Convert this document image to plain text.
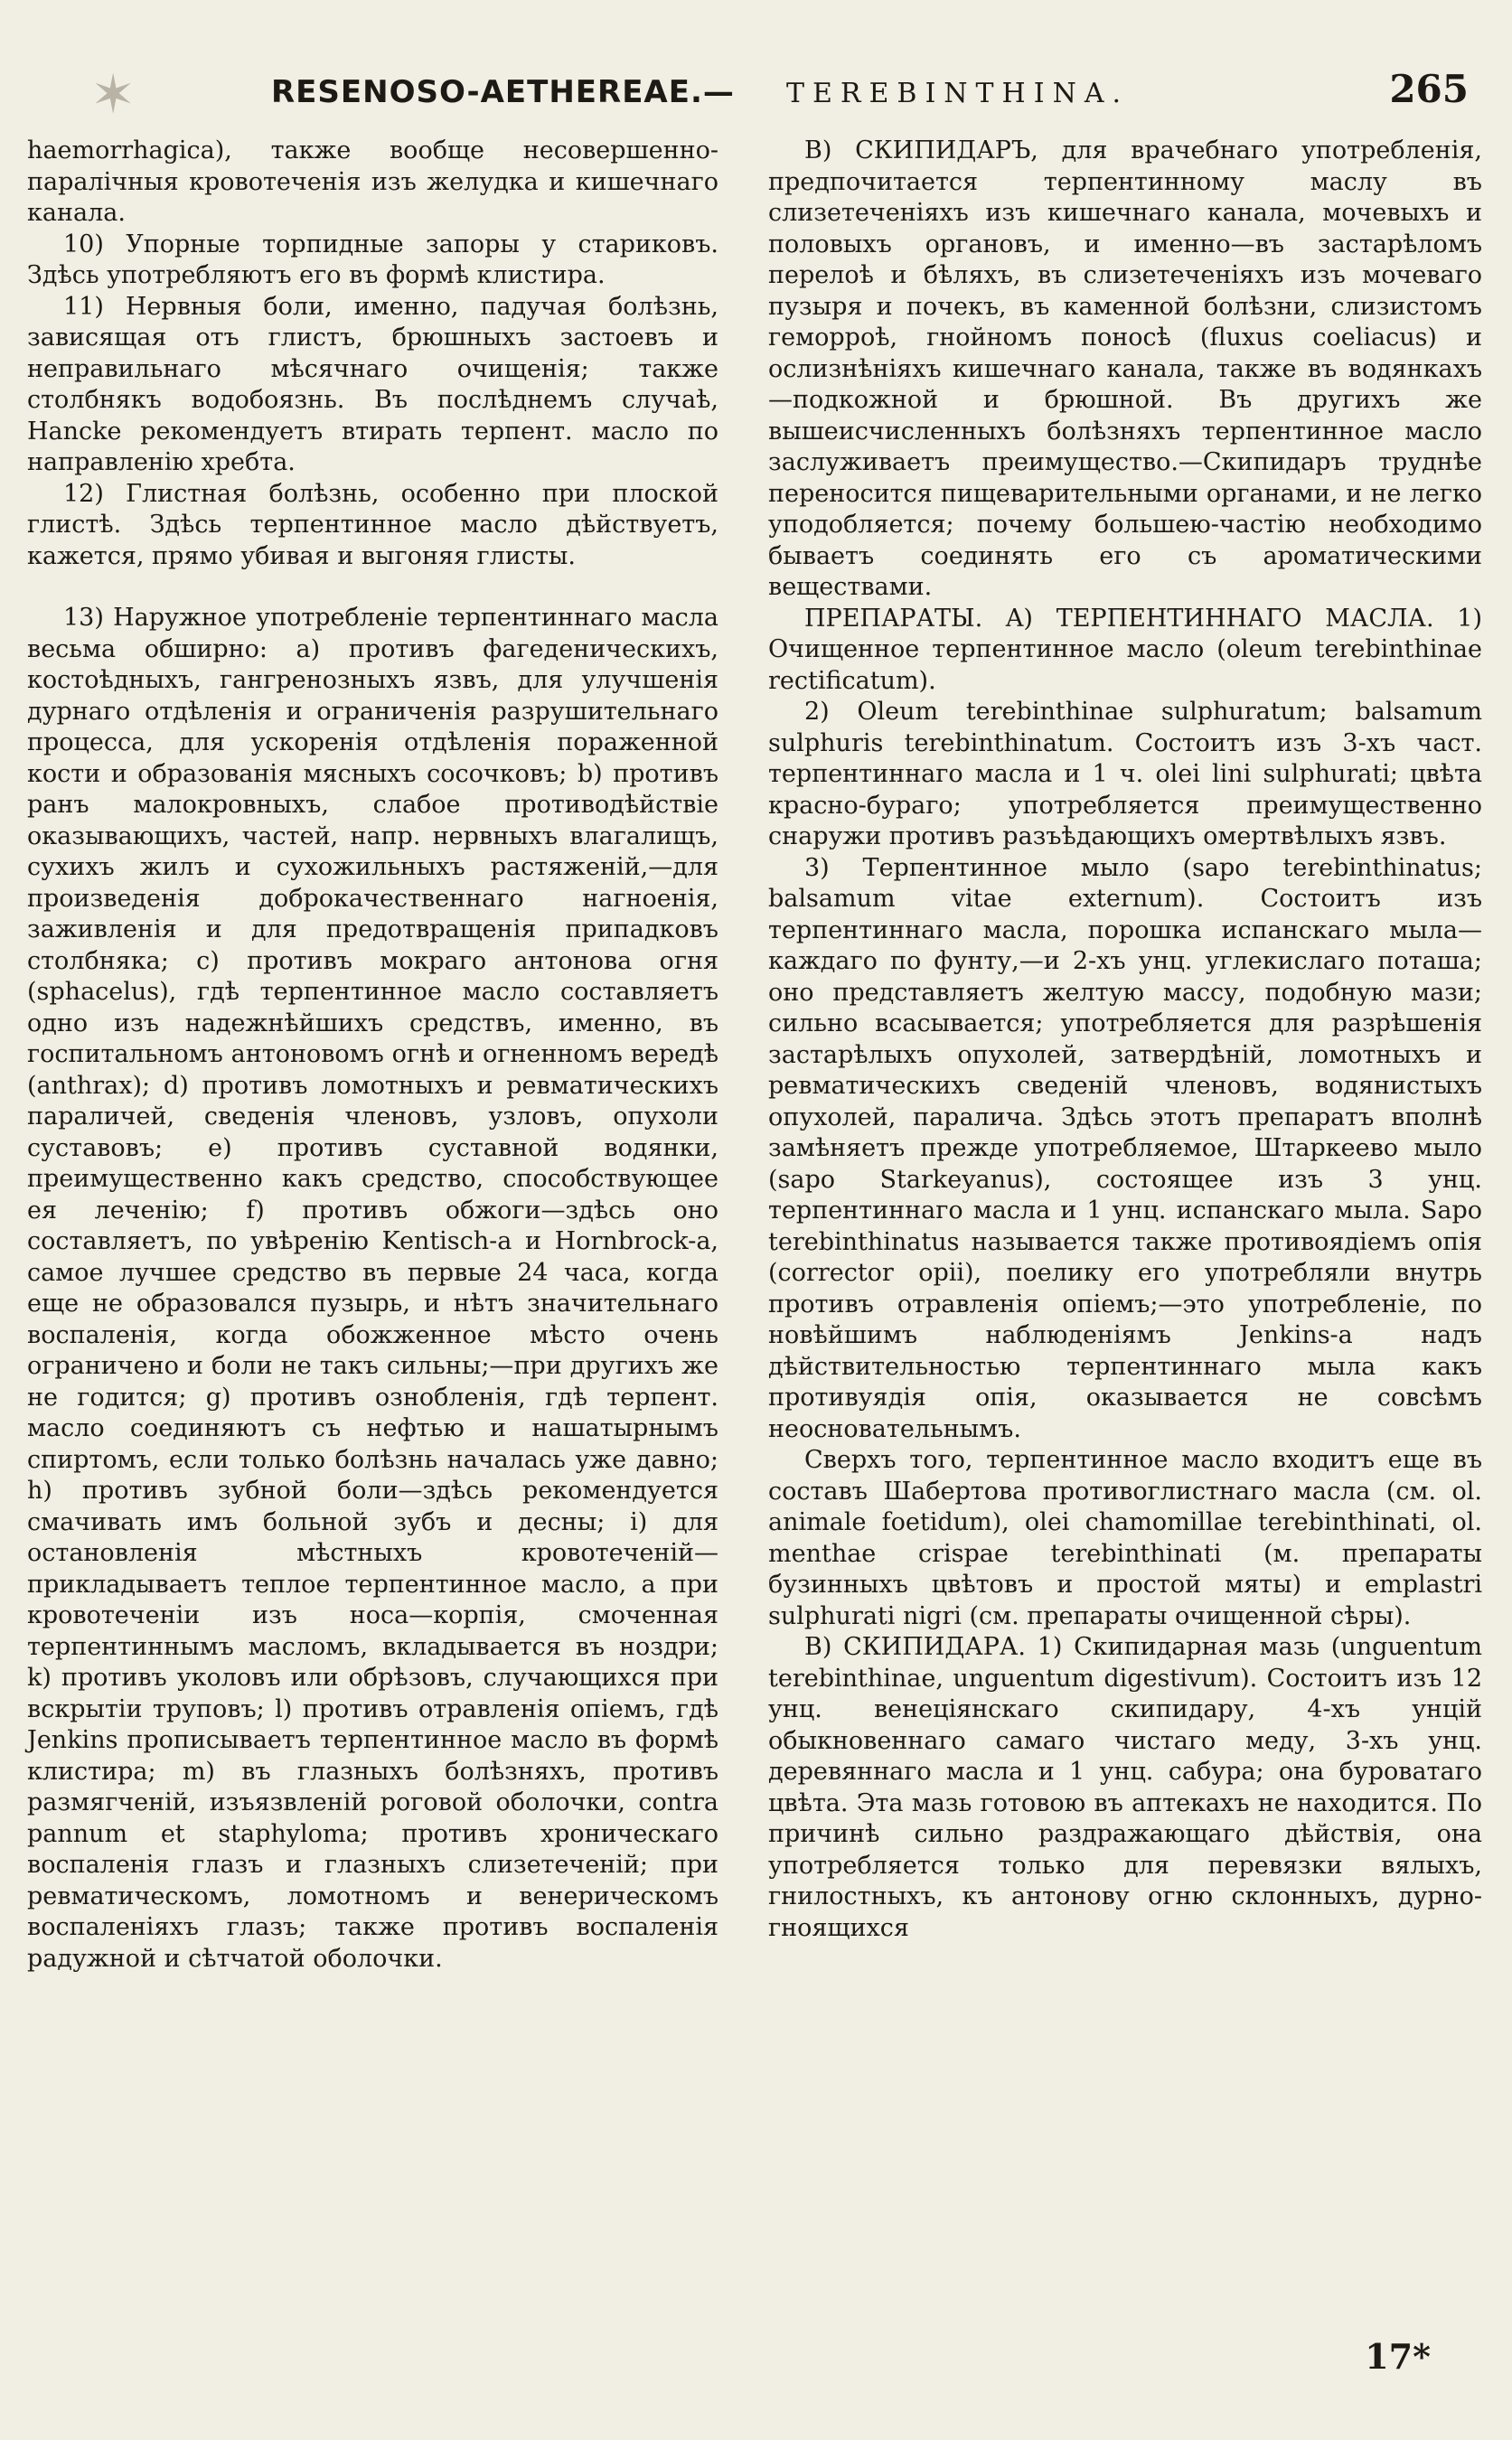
✶	RESENOSO-AETHEREAE.— TEREBINTHINA.	265

haemorrhagica), также вообще несовершенно-паралічныя кровотеченія изъ желудка и кишечнаго канала.

10) Упорные торпидные запоры у стариковъ. Здѣсь употребляютъ его въ формѣ клистира.

11) Нервныя боли, именно, падучая болѣзнь, зависящая отъ глистъ, брюшныхъ застоевъ и неправильнаго мѣсячнаго очищенія; также столбнякъ водобоязнь. Въ послѣднемъ случаѣ, Hancke рекомендуетъ втирать терпент. масло по направленію хребта.

12) Глистная болѣзнь, особенно при плоской глистѣ. Здѣсь терпентинное масло дѣйствуетъ, кажется, прямо убивая и выгоняя глисты.

13) Наружное употребленіе терпентиннаго масла весьма обширно: а) противъ фагеденическихъ, костоѣдныхъ, гангренозныхъ язвъ, для улучшенія дурнаго отдѣленія и ограниченія разрушительнаго процесса, для ускоренія отдѣленія пораженной кости и образованія мясныхъ сосочковъ; b) противъ ранъ малокровныхъ, слабое противодѣйствіе оказывающихъ, частей, напр. нервныхъ влагалищъ, сухихъ жилъ и сухожильныхъ растяженій,—для произведенія доброкачественнаго нагноенія, заживленія и для предотвращенія припадковъ столбняка; c) противъ мокраго антонова огня (sphacelus), гдѣ терпентинное масло составляетъ одно изъ надежнѣйшихъ средствъ, именно, въ госпитальномъ антоновомъ огнѣ и огненномъ вередѣ (anthrax); d) противъ ломотныхъ и ревматическихъ параличей, сведенія членовъ, узловъ, опухоли суставовъ; e) противъ суставной водянки, преимущественно какъ средство, способствующее ея леченію; f) противъ обжоги—здѣсь оно составляетъ, по увѣренію Kentisch-а и Hornbrock-а, самое лучшее средство въ первые 24 часа, когда еще не образовался пузырь, и нѣтъ значительнаго воспаленія, когда обожженное мѣсто очень ограничено и боли не такъ сильны;—при другихъ же не годится; g) противъ ознобленія, гдѣ терпент. масло соединяютъ съ нефтью и нашатырнымъ спиртомъ, если только болѣзнь началась уже давно; h) противъ зубной боли—здѣсь рекомендуется смачивать имъ больной зубъ и десны; i) для остановленія мѣстныхъ кровотеченій—прикладываетъ теплое терпентинное масло, а при кровотеченіи изъ носа—корпія, смоченная терпентиннымъ масломъ, вкладывается въ ноздри; k) противъ уколовъ или обрѣзовъ, случающихся при вскрытіи труповъ; l) противъ отравленія опіемъ, гдѣ Jenkins прописываетъ терпентинное масло въ формѣ клистира; m) въ глазныхъ болѣзняхъ, противъ размягченій, изъязвленій роговой оболочки, contra pannum et staphyloma; противъ хроническаго воспаленія глазъ и глазныхъ слизетеченій; при ревматическомъ, ломотномъ и венерическомъ воспаленіяхъ глазъ; также противъ воспаленія радужной и сѣтчатой оболочки.

B) СКИПИДАРЪ, для врачебнаго употребленія, предпочитается терпентинному маслу въ слизетеченіяхъ изъ кишечнаго канала, мочевыхъ и половыхъ органовъ, и именно—въ застарѣломъ перелоѣ и бѣляхъ, въ слизетеченіяхъ изъ мочеваго пузыря и почекъ, въ каменной болѣзни, слизистомъ геморроѣ, гнойномъ поносѣ (fluxus coeliacus) и ослизнѣніяхъ кишечнаго канала, также въ водянкахъ—подкожной и брюшной. Въ другихъ же вышеисчисленныхъ болѣзняхъ терпентинное масло заслуживаетъ преимущество.—Скипидаръ труднѣе переносится пищеварительными органами, и не легко уподобляется; почему большею-частію необходимо бываетъ соединять его съ ароматическими веществами.

ПРЕПАРАТЫ. A) ТЕРПЕНТИННАГО МАСЛА. 1) Очищенное терпентинное масло (oleum terebinthinae rectificatum).

2) Oleum terebinthinae sulphuratum; balsamum sulphuris terebinthinatum. Состоитъ изъ 3-хъ част. терпентиннаго масла и 1 ч. olei lini sulphurati; цвѣта красно-бураго; употребляется преимущественно снаружи противъ разъѣдающихъ омертвѣлыхъ язвъ.

3) Терпентинное мыло (sapo terebinthinatus; balsamum vitae externum). Состоитъ изъ терпентиннаго масла, порошка испанскаго мыла—каждаго по фунту,—и 2-хъ унц. углекислаго поташа; оно представляетъ желтую массу, подобную мази; сильно всасывается; употребляется для разрѣшенія застарѣлыхъ опухолей, затвердѣній, ломотныхъ и ревматическихъ сведеній членовъ, водянистыхъ опухолей, паралича. Здѣсь этотъ препаратъ вполнѣ замѣняетъ прежде употребляемое, Штаркеево мыло (sapo Starkeyanus), состоящее изъ 3 унц. терпентиннаго масла и 1 унц. испанскаго мыла. Sapo terebinthinatus называется также противоядіемъ опія (corrector opii), поелику его употребляли внутрь противъ отравленія опіемъ;—это употребленіе, по новѣйшимъ наблюденіямъ Jenkins-а надъ дѣйствительностью терпентиннаго мыла какъ противуядія опія, оказывается не совсѣмъ неосновательнымъ.

Сверхъ того, терпентинное масло входитъ еще въ составъ Шабертова противоглистнаго масла (см. ol. animale foetidum), olei chamomillae terebinthinati, ol. menthae crispae terebinthinati (м. препараты бузинныхъ цвѣтовъ и простой мяты) и emplastri sulphurati nigri (см. препараты очищенной сѣры).

B) СКИПИДАРА. 1) Скипидарная мазь (unguentum terebinthinae, unguentum digestivum). Состоитъ изъ 12 унц. венеціянскаго скипидару, 4-хъ унцій обыкновеннаго самаго чистаго меду, 3-хъ унц. деревяннаго масла и 1 унц. сабура; она буроватаго цвѣта. Эта мазь готовою въ аптекахъ не находится. По причинѣ сильно раздражающаго дѣйствія, она употребляется только для перевязки вялыхъ, гнилостныхъ, къ антонову огню склонныхъ, дурно-гноящихся

17*
